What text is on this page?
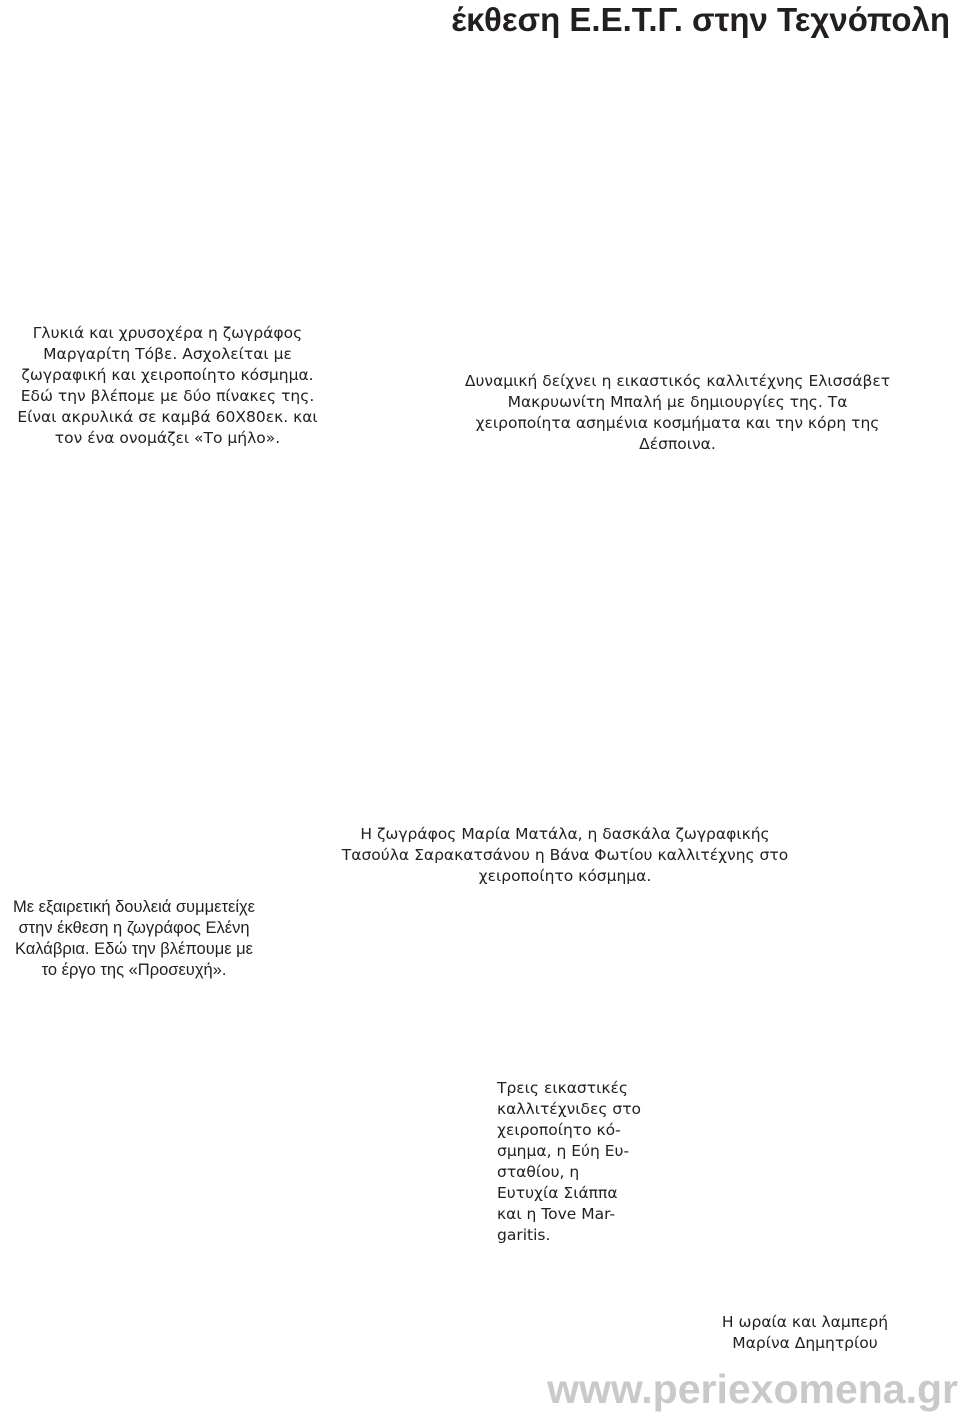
έκθεση Ε.Ε.Τ.Γ. στην Τεχνόπολη
Γλυκιά και χρυσοχέρα η ζωγράφος
Μαργαρίτη Τόβε. Ασχολείται με
ζωγραφική και χειροποίητο κόσμημα.
Εδώ την βλέπομε με δύο πίνακες της.
Είναι ακρυλικά σε καμβά 60Χ80εκ. και
τον ένα ονομάζει «Το μήλο».
Δυναμική δείχνει η εικαστικός καλλιτέχνης Ελισσάβετ
Μακρυωνίτη Μπαλή με δημιουργίες της. Τα
χειροποίητα ασημένια κοσμήματα και την κόρη της
Δέσποινα.
Με εξαιρετική δουλειά συμμετείχε
στην έκθεση η ζωγράφος Ελένη
Καλάβρια. Εδώ την βλέπουμε με
το έργο της «Προσευχή».
Η ζωγράφος Μαρία Ματάλα, η δασκάλα ζωγραφικής
Τασούλα Σαρακατσάνου η Βάνα Φωτίου καλλιτέχνης στο
χειροποίητο κόσμημα.
Τρεις εικαστικές
καλλιτέχνιδες στο
χειροποίητο κό-
σμημα, η Εύη Ευ-
σταθίου, η
Ευτυχία Σιάππα
και η Tove Mar-
garitis.
Η ωραία και λαμπερή
Μαρίνα Δημητρίου
www.periexomena.gr
